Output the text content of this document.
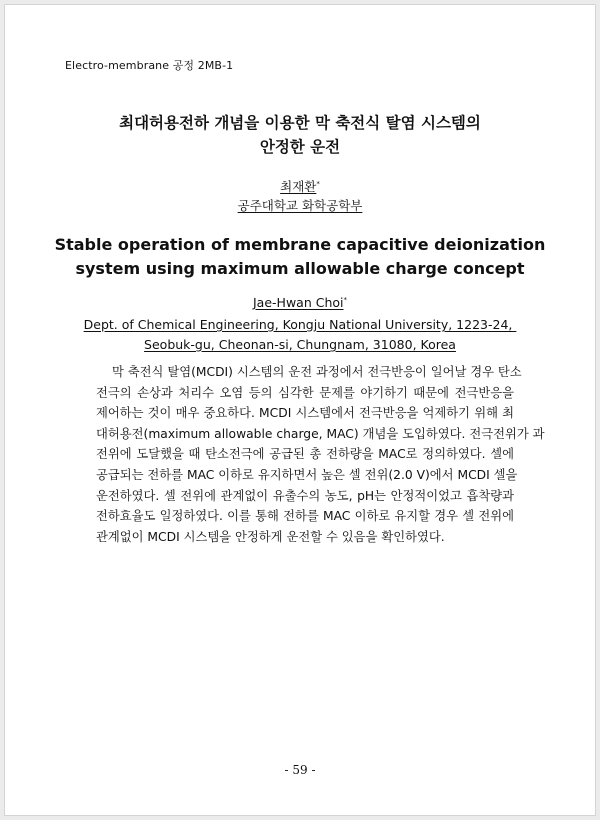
Electro-membrane 공정 2MB-1
최대허용전하 개념을 이용한 막 축전식 탈염 시스템의
안정한 운전
최재환*
공주대학교 화학공학부
Stable operation of membrane capacitive deionization
system using maximum allowable charge concept
Jae-Hwan Choi*
Dept. of Chemical Engineering, Kongju National University, 1223-24,
Seobuk-gu, Cheonan-si, Chungnam, 31080, Korea
막 축전식 탈염(MCDI) 시스템의 운전 과정에서 전극반응이 일어날 경우 탄소
전극의 손상과 처리수 오염 등의 심각한 문제를 야기하기 때문에 전극반응을
제어하는 것이 매우 중요하다. MCDI 시스템에서 전극반응을 억제하기 위해 최
대허용전(maximum allowable charge, MAC) 개념을 도입하였다. 전극전위가 과
전위에 도달했을 때 탄소전극에 공급된 총 전하량을 MAC로 정의하였다. 셀에
공급되는 전하를 MAC 이하로 유지하면서 높은 셀 전위(2.0 V)에서 MCDI 셀을
운전하였다. 셀 전위에 관계없이 유출수의 농도, pH는 안정적이었고 흡착량과
전하효율도 일정하였다. 이를 통해 전하를 MAC 이하로 유지할 경우 셀 전위에
관계없이 MCDI 시스템을 안정하게 운전할 수 있음을 확인하였다.
- 59 -
